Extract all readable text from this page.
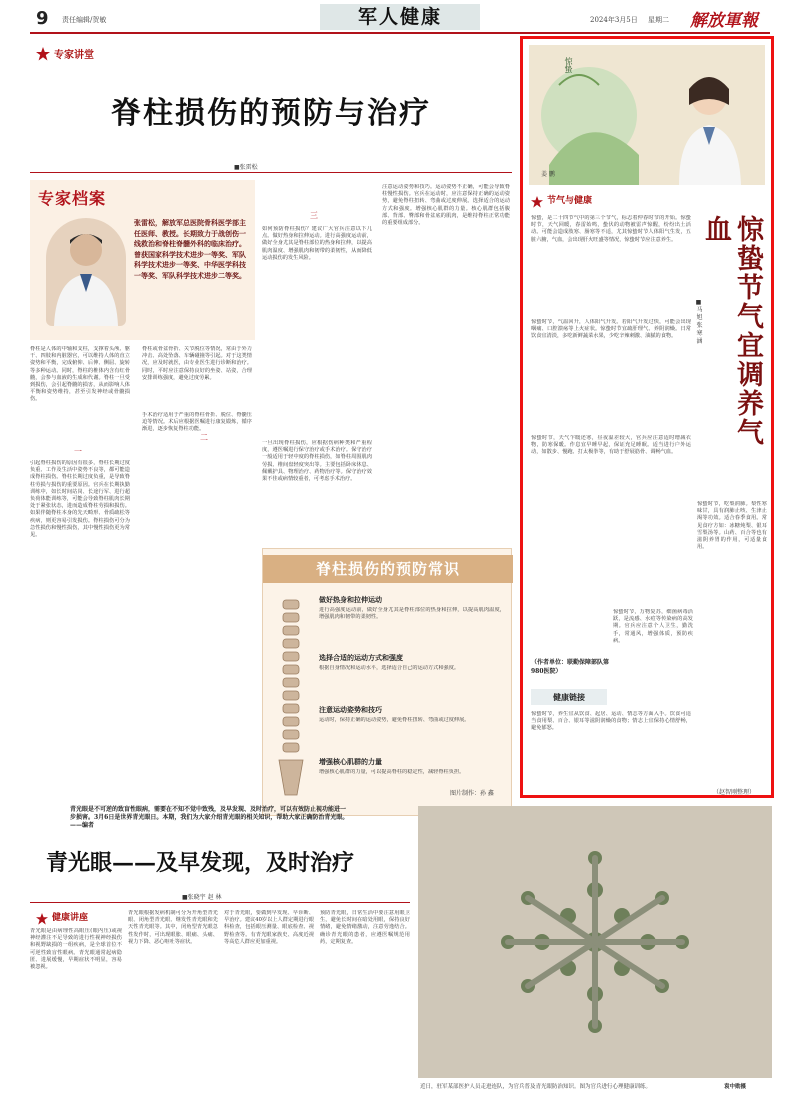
9 责任编辑/贺敏	军人健康	2024年3月5日 星期二 解放軍報
专家讲堂
脊柱损伤的预防与治疗
■张雷松
专家档案
张雷松，解放军总医院骨科医学部主任医师、教授。长期致力于战创伤一线救治和脊柱脊髓外科的临床治疗。曾获国家科学技术进步一等奖、军队科学技术进步一等奖、中华医学科技一等奖、军队科学技术进步二等奖。
脊柱是人体的中轴和支柱，支撑着头颅、躯干、四肢和内脏器官，可以维持人体的直立姿势和平衡，完成俯仰、后伸、侧屈、旋转等多种运动。同时，脊柱的椎体内含有红骨髓，会参与血液的生成和代谢。脊柱一旦受到损伤，会引起脊髓的损害，从而影响人体平衡和姿势维持，甚至引发神经或骨髓损伤。
一
引起脊柱损伤的原因有很多，脊柱长期过度负重、工作及生活中姿势不良等，都可能造成脊柱损伤。脊柱长期过度负重，是导致脊柱劳损与损伤的重要原因。官兵在长期执勤训练中，如长时间站岗、长途行军、进行超负荷体能训练等，可能会导致脊柱肌肉长期处于紧张状态，进而造成脊柱劳损和损伤。如果伴随脊柱本身的先天畸形、骨质疏松等疾病，则更容易引发损伤。脊柱损伤可分为急性损伤和慢性损伤，其中慢性损伤更为常见。
脊柱或骨盆骨折、关节脱位等情况，常由于外力冲击、高处坠落、车辆碰撞等引起。对于这类情况，应及时就医，由专业医生进行诊断和治疗。同时，平时应注意保持良好的坐姿、站姿，合理安排训练强度，避免过度劳累。
手术治疗适用于严重的脊柱骨折、脱位、脊髓压迫等情况。术后应根据医嘱进行康复锻炼，循序渐进，逐步恢复脊柱功能。
如何预防脊柱损伤？建议广大官兵注意以下几点。做好热身和拉伸运动。进行高强度运动前，做好全身尤其是脊柱部位的热身和拉伸，以提高肌肉温度、增强肌肉和韧带的柔韧性，从而降低运动损伤的发生风险。
三
二
一旦出现脊柱损伤，应根据伤病种类和严重程度，遵医嘱进行保守治疗或手术治疗。保守治疗一般适用于轻中度的脊柱损伤，如脊柱周围肌肉劳损、椎间盘轻度突出等。主要包括卧床休息、佩戴护具、物理治疗、药物治疗等。保守治疗效果不佳或病情较重者，可考虑手术治疗。
注意运动姿势和技巧。运动姿势不正确，可能会导致脊柱慢性损伤。官兵在运动时，应注意保持正确的运动姿势，避免脊柱扭转、弯曲或过度伸展。选择适合的运动方式和强度。增强核心肌群的力量。核心肌群包括腹部、背部、臀部和骨盆底的肌肉，是维持脊柱正常功能的重要组成部分。
脊柱损伤的预防常识
做好热身和拉伸运动
进行高强度运动前，做好全身尤其是脊柱部位的热身和拉伸，以提高肌肉温度，增强肌肉和韧带的柔韧性。
选择合适的运动方式和强度
根据自身情况和运动水平，选择适合自己的运动方式和强度。
注意运动姿势和技巧
运动时，保持正确的运动姿势，避免脊柱扭转、弯曲或过度伸展。
增强核心肌群的力量
增强核心肌群的力量，可以提高脊柱的稳定性，减轻脊柱负担。
图片制作：孙 鑫
惊蛰
姜 鹏
节气与健康
惊蛰节气宜调养气血
■马 旭 张 寒 涵
惊蛰，是二十四节气中的第三个节气，标志着仲春时节的开始。惊蛰时节，天气回暖，春雷始鸣，蛰伏的动物被雷声惊醒，纷纷出土活动。可能会造成肢寒、肠寒等不适，尤其惊蛰时节人体阳气生发，五脏六腑，气血，会出现肝火旺盛等情况，惊蛰时节应注意养生。
惊蛰时节，气温回升，人体阳气升发。若阳气升发过快，可能会出现咽痛、口腔溃疡等上火症状。惊蛰时节宜疏肝理气、养阴润燥。日常饮食宜清淡，多吃新鲜蔬菜水果，少吃辛辣刺激、油腻的食物。
惊蛰时节，天气乍暖还寒，昼夜温差较大，官兵应注意适时增减衣物，防寒保暖。作息宜早睡早起，保证充足睡眠。适当进行户外运动，如散步、慢跑、打太极拳等，有助于舒展筋骨、调畅气血。
惊蛰时节，吃梨润肺。梨性寒味甘，具有润肺止咳、生津止渴等功效。适合春季食用。常见食疗方如：冰糖炖梨、银耳雪梨汤等。山药、百合等也有滋阴养胃的作用，可适量食用。
惊蛰时节，万物复苏，细菌病毒活跃，是流感、水痘等传染病的高发期。官兵应注意个人卫生，勤洗手，常通风，增强体质，预防疾病。
（作者单位：联勤保障部队第980医院）
健康链接
惊蛰时节，养生宜从饮食、起居、运动、情志等方面入手。饮食可适当食用梨、百合、银耳等滋阴润燥的食物；情志上宜保持心情舒畅，避免郁怒。
（赵智刚整理）
青光眼是不可逆的致盲性眼病，需要在不知不觉中致残，及早发现、及时治疗，可以有效防止视功能进一步损害。3月6日是世界青光眼日。本期，我们为大家介绍青光眼的相关知识，帮助大家正确防治青光眼。——编者
青光眼——及早发现，及时治疗
■张晓宇 赵 林
健康讲座
青光眼是由病理性高眼压(眼内压)或视神经灌注不足导致的进行性视神经损伤和视野缺损的一组疾病，是全球首位不可逆性致盲性眼病。青光眼通常起病隐匿、进展缓慢，早期症状不明显，容易被忽视。
青光眼根据发病机制可分为开角型青光眼、闭角型青光眼、继发性青光眼和先天性青光眼等。其中，闭角型青光眼急性发作时，可出现眼胀、眼痛、头痛、视力下降、恶心呕吐等症状。
对于青光眼，要做到早发现、早诊断、早治疗。建议40岁以上人群定期进行眼科检查，包括眼压测量、眼底检查、视野检查等。有青光眼家族史、高度近视等高危人群应更加重视。
预防青光眼，日常生活中要注意用眼卫生，避免长时间在暗处用眼，保持良好情绪，避免情绪激动，注意劳逸结合。确诊青光眼的患者，应遵医嘱规范用药，定期复查。
近日，驻军某部医护人员走进连队，为官兵普及青光眼防治知识。图为官兵进行心理健康训练。	袁中勋摄
